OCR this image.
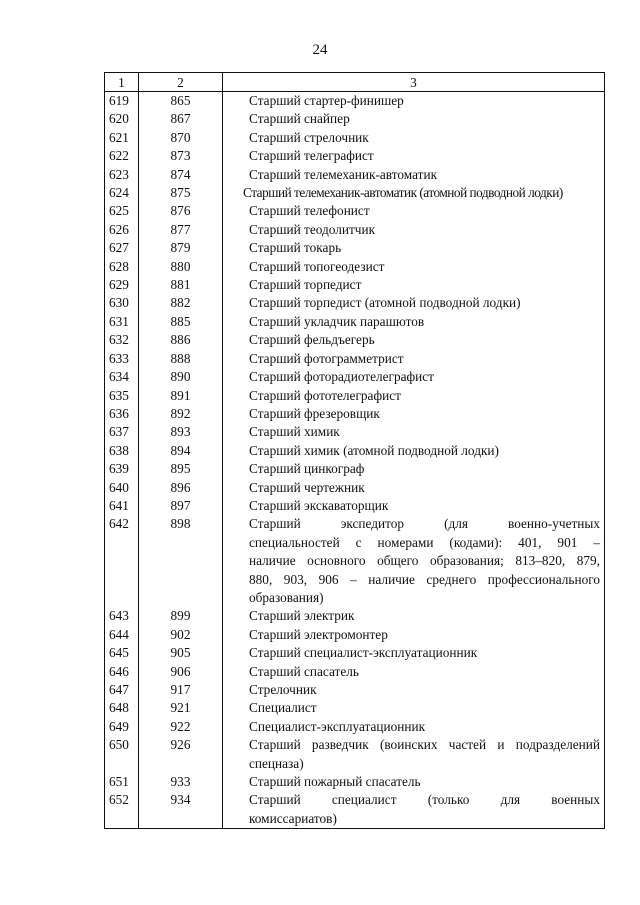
24
1	2	3
619	865	Старший стартер-финишер
620	867	Старший снайпер
621	870	Старший стрелочник
622	873	Старший телеграфист
623	874	Старший телемеханик-автоматик
624	875	Старший телемеханик-автоматик (атомной подводной лодки)
625	876	Старший телефонист
626	877	Старший теодолитчик
627	879	Старший токарь
628	880	Старший топогеодезист
629	881	Старший торпедист
630	882	Старший торпедист (атомной подводной лодки)
631	885	Старший укладчик парашютов
632	886	Старший фельдъегерь
633	888	Старший фотограмметрист
634	890	Старший фоторадиотелеграфист
635	891	Старший фототелеграфист
636	892	Старший фрезеровщик
637	893	Старший химик
638	894	Старший химик (атомной подводной лодки)
639	895	Старший цинкограф
640	896	Старший чертежник
641	897	Старший экскаваторщик
642	898	Старший экспедитор (для военно-учетных
специальностей с номерами (кодами): 401, 901 –
наличие основного общего образования; 813–820, 879,
880, 903, 906 – наличие среднего профессионального
образования)

643	899	Старший электрик
644	902	Старший электромонтер
645	905	Старший специалист-эксплуатационник
646	906	Старший спасатель
647	917	Стрелочник
648	921	Специалист
649	922	Специалист-эксплуатационник
650	926	Старший разведчик (воинских частей и подразделений
спецназа)

651	933	Старший пожарный спасатель
652	934	Старший специалист (только для военных
комиссариатов)
